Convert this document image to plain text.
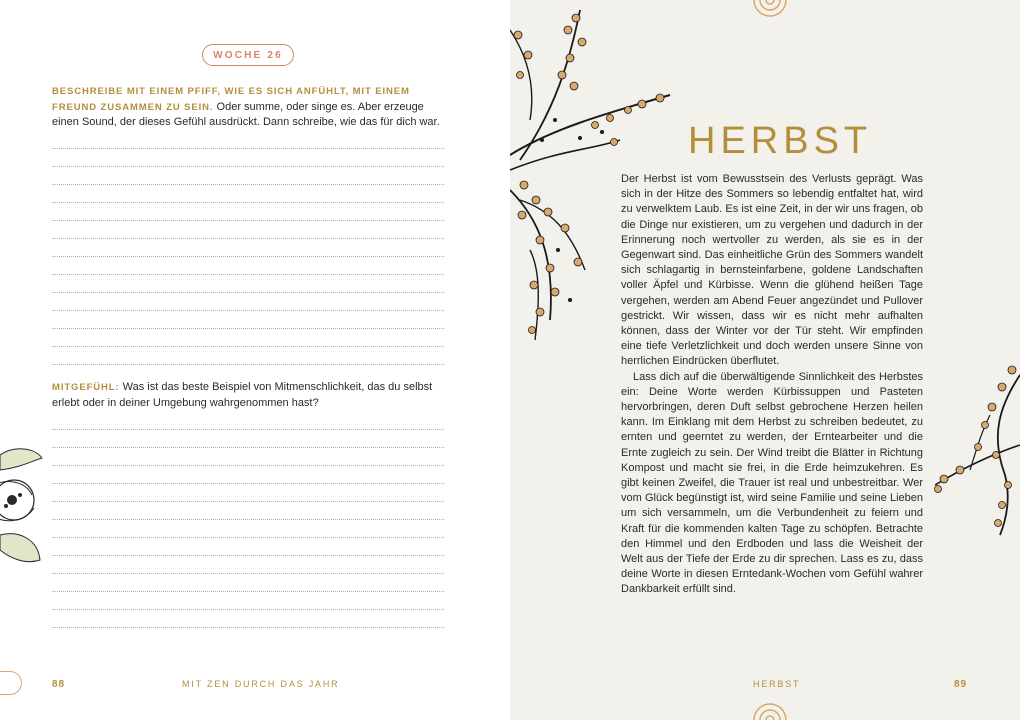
WOCHE 26
BESCHREIBE MIT EINEM PFIFF, WIE ES SICH ANFÜHLT, MIT EINEM FREUND ZUSAMMEN ZU SEIN. Oder summe, oder singe es. Aber erzeuge einen Sound, der dieses Gefühl ausdrückt. Dann schreibe, wie das für dich war.
MITGEFÜHL: Was ist das beste Beispiel von Mitmenschlichkeit, das du selbst erlebt oder in deiner Umgebung wahrgenommen hast?
88	MIT ZEN DURCH DAS JAHR
HERBST

Der Herbst ist vom Bewusstsein des Verlusts geprägt. Was sich in der Hitze des Sommers so lebendig entfaltet hat, wird zu verwelktem Laub. Es ist eine Zeit, in der wir uns fragen, ob die Dinge nur existieren, um zu vergehen und dadurch in der Erinnerung noch wertvoller zu werden, als sie es in der Gegenwart sind. Das einheitliche Grün des Sommers wandelt sich schlagartig in bernsteinfarbene, goldene Landschaften voller Äpfel und Kürbisse. Wenn die glühend heißen Tage vergehen, werden am Abend Feuer angezündet und Pullover gestrickt. Wir wissen, dass wir es nicht mehr aufhalten können, dass der Winter vor der Tür steht. Wir empfinden eine tiefe Verletzlichkeit und doch werden unsere Sinne von herrlichen Eindrücken überflutet.

Lass dich auf die überwältigende Sinnlichkeit des Herbstes ein: Deine Worte werden Kürbissuppen und Pasteten hervorbringen, deren Duft selbst gebrochene Herzen heilen kann. Im Einklang mit dem Herbst zu schreiben bedeutet, zu ernten und geerntet zu werden, der Erntearbeiter und die Ernte zugleich zu sein. Der Wind treibt die Blätter in Richtung Kompost und macht sie frei, in die Erde heimzukehren. Es gibt keinen Zweifel, die Trauer ist real und unbestreitbar. Wer vom Glück begünstigt ist, wird seine Familie und seine Lieben um sich versammeln, um die Verbundenheit zu feiern und Kraft für die kommenden kalten Tage zu schöpfen. Betrachte den Himmel und den Erdboden und lass die Weisheit der Welt aus der Tiefe der Erde zu dir sprechen. Lass es zu, dass deine Worte in diesen Erntedank-Wochen vom Gefühl wahrer Dankbarkeit erfüllt sind.

HERBST	89
